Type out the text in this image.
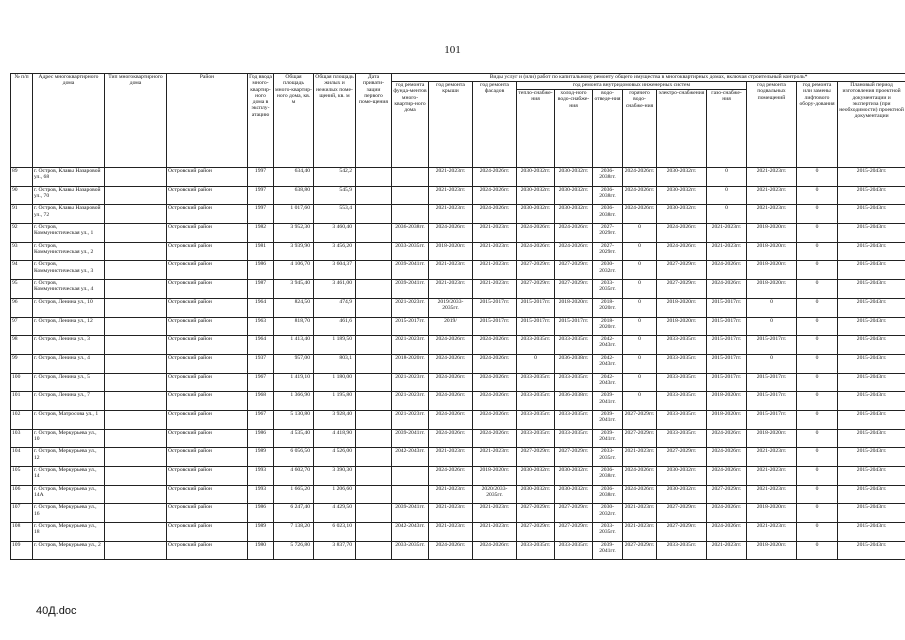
101
№ п/п	Адрес многоквартирного дома	Тип многоквартирного дома	Район	Год ввода много-квартир-ного дома в эксплу-атацию	Общая площадь много-квартир-ного дома, кв. м	Общая площадь жилых и нежилых поме-щений, кв. м	Дата привати-зации первого поме-щения	Виды услуг и (или) работ по капитальному ремонту общего имущества в многоквартирных домах, включая строительный контроль*											
								год ремонта фунда-ментов много-квартир-ного дома	год ремонта крыши	год ремонта фасадов	год ремонта внутридомовых инженерных систем						год ремонта подвальных помещений	год ремонта или замены лифтового обору-дования	Плановый период изготовления проектной документации и экспертиза (при необходимости) проектной документации
											тепло-снабже-ния	холод-ного водо-снабже-ния	водо-отведе-ния	горячего водо-снабже-ния	электро-снабжения	газо-снабже-ния			
89	г. Остров, Клавы Назаровой ул., 68		Островский район	1997	634,40	542,2			2021-2023гг.	2024-2026гг.	2030-2032гг.	2030-2032гг.	2036-2038гг.	2024-2026гг.	2030-2032гг.	0	2021-2023гг.	0	2015-2043гг.
90	г. Остров, Клавы Назаровой ул., 70		Островский район	1997	638,80	545,9			2021-2023гг.	2024-2026гг.	2030-2032гг.	2030-2032гг.	2036-2038гг.	2024-2026гг.	2030-2032гг.	0	2021-2023гг.	0	2015-2043гг.
91	г. Остров, Клавы Назаровой ул., 72		Островский район	1997	1 017,60	553,4			2021-2023гг.	2024-2026гг.	2030-2032гг.	2030-2032гг.	2036-2038гг.	2024-2026гг.	2030-2032гг.	0	2021-2023гг.	0	2015-2043гг.
92	г. Остров, Коммунистическая ул., 1		Островский район	1982	3 952,30	3 460,40		2036-2038гг.	2024-2026гг.	2021-2023гг.	2024-2026гг.	2024-2026гг.	2027-2029гг.	0	2024-2026гг.	2021-2023гг.	2018-2020гг.	0	2015-2043гг.
93	г. Остров, Коммунистическая ул., 2		Островский район	1981	3 939,90	3 456,20		2033-2035гг.	2018-2020гг.	2021-2023гг.	2024-2026гг.	2024-2026гг.	2027-2029гг.	0	2024-2026гг.	2021-2023гг.	2018-2020гг.	0	2015-2043гг.
94	г. Остров, Коммунистическая ул., 3		Островский район	1986	4 106,70	3 604,37		2039-2041гг.	2021-2023гг.	2021-2023гг.	2027-2029гг.	2027-2029гг.	2030-2032гг.	0	2027-2029гг.	2024-2026гг.	2018-2020гг.	0	2015-2043гг.
95	г. Остров, Коммунистическая ул., 4		Островский район	1987	3 945,40	3 461,00		2039-2041гг.	2021-2023гг.	2021-2023гг.	2027-2029гг.	2027-2029гг.	2033-2035гг.	0	2027-2029гг.	2024-2026гг.	2018-2020гг.	0	2015-2043гг.
96	г. Остров, Ленина ул., 10		Островский район	1964	824,50	474,9		2021-2023гг.	2019/2033-2035гг.	2015-2017гг.	2015-2017гг.	2018-2020гг.	2018-2020гг.	0	2018-2020гг.	2015-2017гг.	0	0	2015-2043гг.
97	г. Остров, Ленина ул., 12		Островский район	1963	818,70	461,6		2015-2017гг.	2019/	2015-2017гг.	2015-2017гг.	2015-2017гг.	2018-2020гг.	0	2018-2020гг.	2015-2017гг.	0	0	2015-2043гг.
98	г. Остров, Ленина ул., 3		Островский район	1964	1 413,40	1 189,50		2021-2023гг.	2024-2026гг.	2024-2026гг.	2033-2035гг.	2033-2035гг.	2042-2043гг.	0	2033-2035гг.	2015-2017гг.	2015-2017гг.	0	2015-2043гг.
99	г. Остров, Ленина ул., 4		Островский район	1937	957,00	803,1		2018-2020гг.	2024-2026гг.	2024-2026гг.	0	2036-2038гг.	2042-2043гг.	0	2033-2035гг.	2015-2017гг.	0	0	2015-2043гг.
100	г. Остров, Ленина ул., 5		Островский район	1967	1 419,10	1 180,00		2021-2023гг.	2024-2026гг.	2024-2026гг.	2033-2035гг.	2033-2035гг.	2042-2043гг.	0	2033-2035гг.	2015-2017гг.	2015-2017гг.	0	2015-2043гг.
101	г. Остров, Ленина ул., 7		Островский район	1968	1 366,90	1 195,80		2021-2023гг.	2024-2026гг.	2024-2026гг.	2033-2035гг.	2036-2038гг.	2039-2041гг.	0	2033-2035гг.	2018-2020гг.	2015-2017гг.	0	2015-2043гг.
102	г. Остров, Матросова ул., 1		Островский район	1967	5 130,80	3 928,40		2021-2023гг.	2024-2026гг.	2024-2026гг.	2033-2035гг.	2033-2035гг.	2039-2041гг.	2027-2029гг.	2033-2035гг.	2018-2020гг.	2015-2017гг.	0	2015-2043гг.
103	г. Остров, Меркурьева ул., 10		Островский район	1986	4 535,40	4 418,90		2039-2041гг.	2024-2026гг.	2024-2026гг.	2033-2035гг.	2033-2035гг.	2039-2041гг.	2027-2029гг.	2033-2035гг.	2024-2026гг.	2018-2020гг.	0	2015-2043гг.
104	г. Остров, Меркурьева ул., 12		Островский район	1989	6 056,50	4 526,00		2042-2043гг.	2021-2023гг.	2021-2023гг.	2027-2029гг.	2027-2029гг.	2033-2035гг.	2021-2023гг.	2027-2029гг.	2024-2026гг.	2021-2023гг.	0	2015-2043гг.
105	г. Остров, Меркурьева ул., 14		Островский район	1993	4 602,70	3 390,30			2024-2026гг.	2018-2020гг.	2030-2032гг.	2030-2032гг.	2036-2038гг.	2024-2026гг.	2030-2032гг.	2024-2026гг.	2021-2023гг.	0	2015-2043гг.
106	г. Остров, Меркурьева ул., 14А		Островский район	1993	1 665,20	1 206,60			2021-2023гг.	2020/2033-2035гг.	2030-2032гг.	2030-2032гг.	2036-2038гг.	2024-2026гг.	2030-2032гг.	2027-2029гг.	2021-2023гг.	0	2015-2043гг.
107	г. Остров, Меркурьева ул., 16		Островский район	1986	6 247,40	4 429,50		2039-2041гг.	2021-2023гг.	2021-2023гг.	2027-2029гг.	2027-2029гг.	2030-2032гг.	2021-2023гг.	2027-2029гг.	2024-2026гг.	2018-2020гг.	0	2015-2043гг.
108	г. Остров, Меркурьева ул., 18		Островский район	1989	7 138,20	6 023,10		2042-2043гг.	2021-2023гг.	2021-2023гг.	2027-2029гг.	2027-2029гг.	2033-2035гг.	2021-2023гг.	2027-2029гг.	2024-2026гг.	2021-2023гг.	0	2015-2043гг.
109	г. Остров, Меркурьева ул., 2		Островский район	1980	5 726,80	3 837,70		2033-2035гг.	2024-2026гг.	2024-2026гг.	2033-2035гг.	2033-2035гг.	2039-2041гг.	2027-2029гг.	2033-2035гг.	2021-2023гг.	2018-2020гг.	0	2015-2043гг.
40Д.doc
